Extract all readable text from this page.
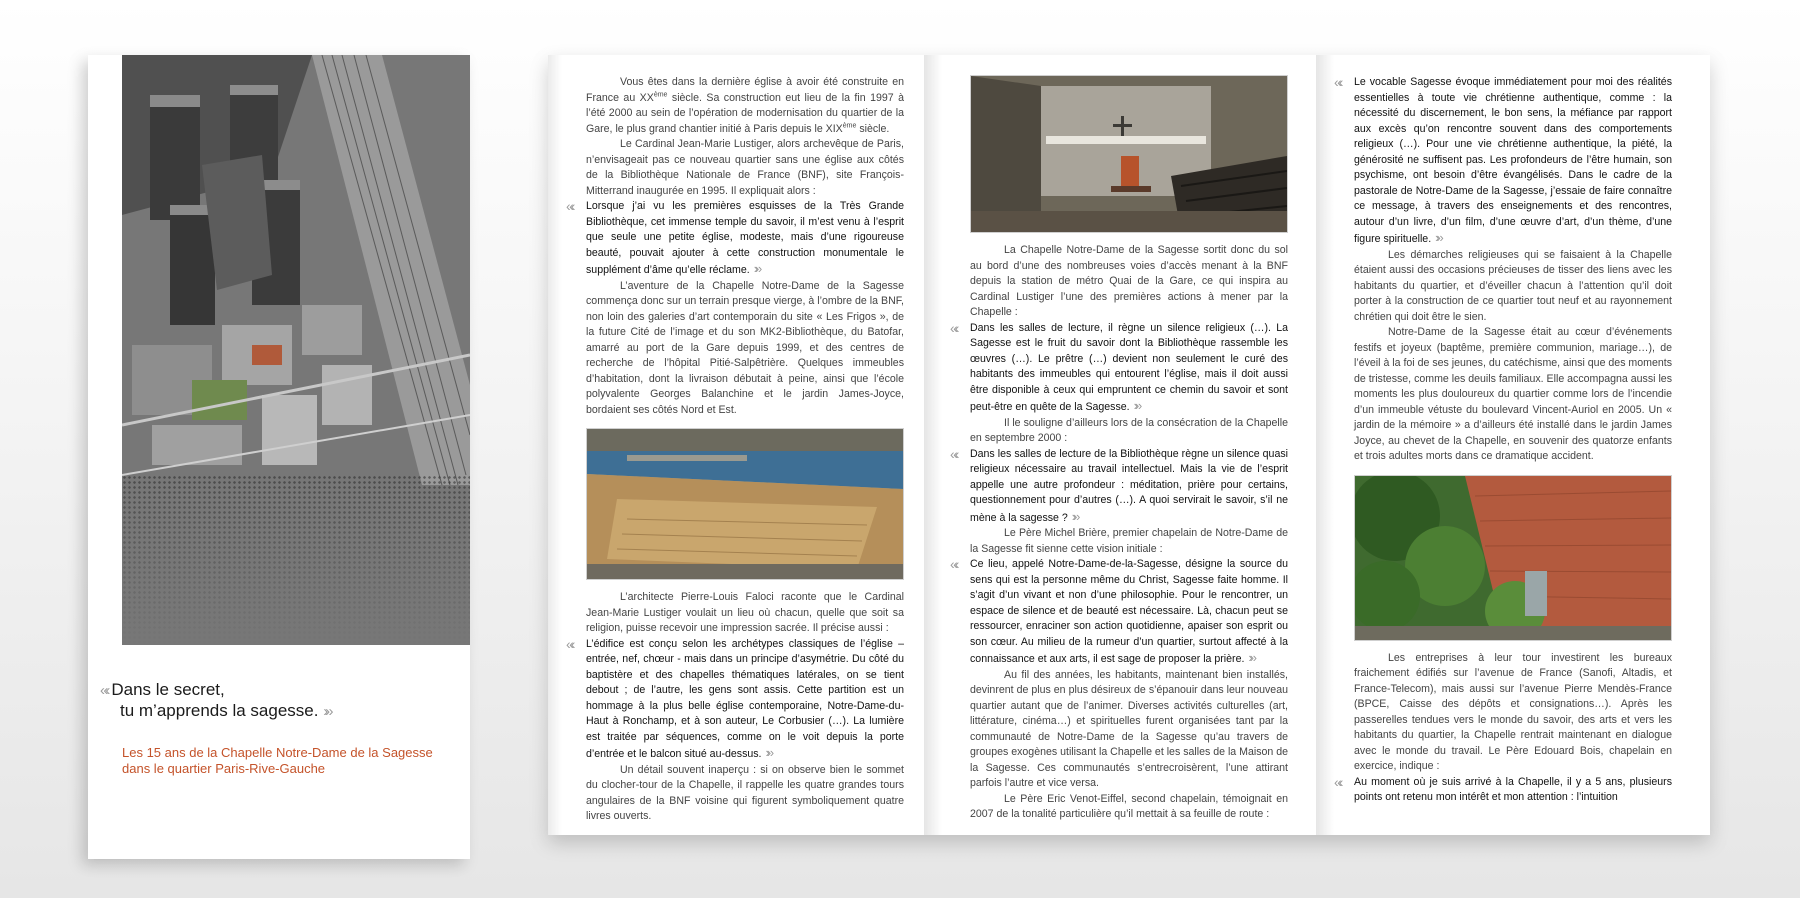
«‹ Dans le secret,
tu m’apprends la sagesse. ›»
Les 15 ans de la Chapelle Notre-Dame de la Sagesse
dans le quartier Paris-Rive-Gauche

Vous êtes dans la dernière église à avoir été construite en France au XXème siècle. Sa construction eut lieu de la fin 1997 à l’été 2000 au sein de l’opération de modernisation du quartier de la Gare, le plus grand chantier initié à Paris depuis le XIXème siècle.

Le Cardinal Jean-Marie Lustiger, alors archevêque de Paris, n’envisageait pas ce nouveau quartier sans une église aux côtés de la Bibliothèque Nationale de France (BNF), site François-Mitterrand inaugurée en 1995. Il expliquait alors :

«‹ Lorsque j’ai vu les premières esquisses de la Très Grande Bibliothèque, cet immense temple du savoir, il m’est venu à l’esprit que seule une petite église, modeste, mais d’une rigoureuse beauté, pouvait ajouter à cette construction monumentale le supplément d’âme qu’elle réclame. ›»

L’aventure de la Chapelle Notre-Dame de la Sagesse commença donc sur un terrain presque vierge, à l’ombre de la BNF, non loin des galeries d’art contemporain du site « Les Frigos », de la future Cité de l’image et du son MK2-Bibliothèque, du Batofar, amarré au port de la Gare depuis 1999, et des centres de recherche de l’hôpital Pitié-Salpêtrière. Quelques immeubles d’habitation, dont la livraison débutait à peine, ainsi que l’école polyvalente Georges Balanchine et le jardin James-Joyce, bordaient ses côtés Nord et Est.

L’architecte Pierre-Louis Faloci raconte que le Cardinal Jean-Marie Lustiger voulait un lieu où chacun, quelle que soit sa religion, puisse recevoir une impression sacrée. Il précise aussi :

«‹ L’édifice est conçu selon les archétypes classiques de l’église – entrée, nef, chœur - mais dans un principe d’asymétrie. Du côté du baptistère et des chapelles thématiques latérales, on se tient debout ; de l’autre, les gens sont assis. Cette partition est un hommage à la plus belle église contemporaine, Notre-Dame-du-Haut à Ronchamp, et à son auteur, Le Corbusier (…). La lumière est traitée par séquences, comme on le voit depuis la porte d’entrée et le balcon situé au-dessus. ›»

Un détail souvent inaperçu : si on observe bien le sommet du clocher-tour de la Chapelle, il rappelle les quatre grandes tours angulaires de la BNF voisine qui figurent symboliquement quatre livres ouverts.

La Chapelle Notre-Dame de la Sagesse sortit donc du sol au bord d’une des nombreuses voies d’accès menant à la BNF depuis la station de métro Quai de la Gare, ce qui inspira au Cardinal Lustiger l’une des premières actions à mener par la Chapelle :

«‹ Dans les salles de lecture, il règne un silence religieux (…). La Sagesse est le fruit du savoir dont la Bibliothèque rassemble les œuvres (…). Le prêtre (…) devient non seulement le curé des habitants des immeubles qui entourent l’église, mais il doit aussi être disponible à ceux qui empruntent ce chemin du savoir et sont peut-être en quête de la Sagesse. ›»

Il le souligne d’ailleurs lors de la consécration de la Chapelle en septembre 2000 :

«‹ Dans les salles de lecture de la Bibliothèque règne un silence quasi religieux nécessaire au travail intellectuel. Mais la vie de l’esprit appelle une autre profondeur : méditation, prière pour certains, questionnement pour d’autres (…). A quoi servirait le savoir, s’il ne mène à la sagesse ? ›»

Le Père Michel Brière, premier chapelain de Notre-Dame de la Sagesse fit sienne cette vision initiale :

«‹ Ce lieu, appelé Notre-Dame-de-la-Sagesse, désigne la source du sens qui est la personne même du Christ, Sagesse faite homme. Il s’agit d’un vivant et non d’une philosophie. Pour le rencontrer, un espace de silence et de beauté est nécessaire. Là, chacun peut se ressourcer, enraciner son action quotidienne, apaiser son esprit ou son cœur. Au milieu de la rumeur d’un quartier, surtout affecté à la connaissance et aux arts, il est sage de proposer la prière. ›»

Au fil des années, les habitants, maintenant bien installés, devinrent de plus en plus désireux de s’épanouir dans leur nouveau quartier autant que de l’animer. Diverses activités culturelles (art, littérature, cinéma…) et spirituelles furent organisées tant par la communauté de Notre-Dame de la Sagesse qu’au travers de groupes exogènes utilisant la Chapelle et les salles de la Maison de la Sagesse. Ces communautés s’entrecroisèrent, l’une attirant parfois l’autre et vice versa.

Le Père Eric Venot-Eiffel, second chapelain, témoignait en 2007 de la tonalité particulière qu’il mettait à sa feuille de route :

«‹ Le vocable Sagesse évoque immédiatement pour moi des réalités essentielles à toute vie chrétienne authentique, comme : la nécessité du discernement, le bon sens, la méfiance par rapport aux excès qu’on rencontre souvent dans des comportements religieux (…). Pour une vie chrétienne authentique, la piété, la générosité ne suffisent pas. Les profondeurs de l’être humain, son psychisme, ont besoin d’être évangélisés. Dans le cadre de la pastorale de Notre-Dame de la Sagesse, j’essaie de faire connaître ce message, à travers des enseignements et des rencontres, autour d’un livre, d’un film, d’une œuvre d’art, d’un thème, d’une figure spirituelle. ›»

Les démarches religieuses qui se faisaient à la Chapelle étaient aussi des occasions précieuses de tisser des liens avec les habitants du quartier, et d’éveiller chacun à l’attention qu’il doit porter à la construction de ce quartier tout neuf et au rayonnement chrétien qui doit être le sien.

Notre-Dame de la Sagesse était au cœur d’événements festifs et joyeux (baptême, première communion, mariage…), de l’éveil à la foi de ses jeunes, du catéchisme, ainsi que des moments de tristesse, comme les deuils familiaux. Elle accompagna aussi les moments les plus douloureux du quartier comme lors de l’incendie d’un immeuble vétuste du boulevard Vincent-Auriol en 2005. Un « jardin de la mémoire » a d’ailleurs été installé dans le jardin James Joyce, au chevet de la Chapelle, en souvenir des quatorze enfants et trois adultes morts dans ce dramatique accident.

Les entreprises à leur tour investirent les bureaux fraichement édifiés sur l’avenue de France (Sanofi, Altadis, et France-Telecom), mais aussi sur l’avenue Pierre Mendès-France (BPCE, Caisse des dépôts et consignations…). Après les passerelles tendues vers le monde du savoir, des arts et vers les habitants du quartier, la Chapelle rentrait maintenant en dialogue avec le monde du travail. Le Père Edouard Bois, chapelain en exercice, indique :

«‹ Au moment où je suis arrivé à la Chapelle, il y a 5 ans, plusieurs points ont retenu mon intérêt et mon attention : l’intuition
